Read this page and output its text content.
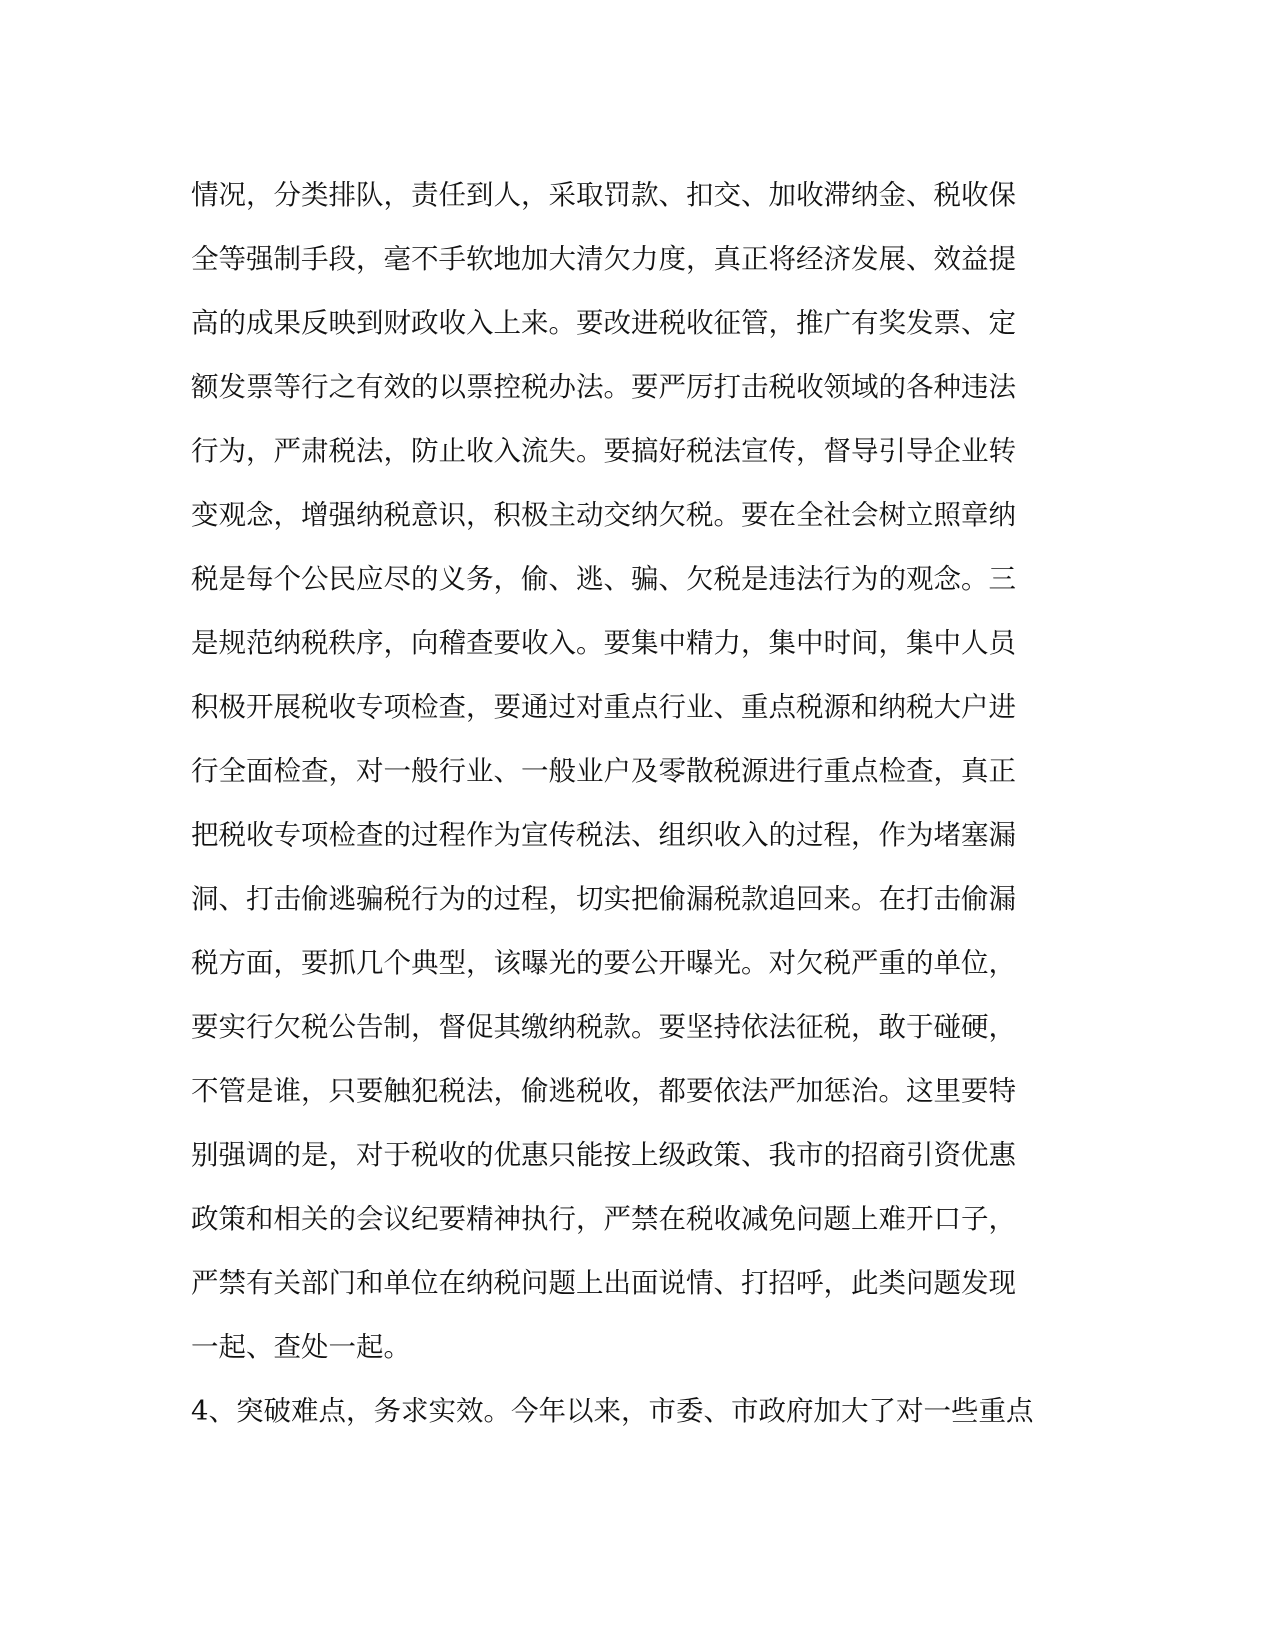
情况，分类排队，责任到人，采取罚款、扣交、加收滞纳金、税收保
全等强制手段，毫不手软地加大清欠力度，真正将经济发展、效益提
高的成果反映到财政收入上来。要改进税收征管，推广有奖发票、定
额发票等行之有效的以票控税办法。要严厉打击税收领域的各种违法
行为，严肃税法，防止收入流失。要搞好税法宣传，督导引导企业转
变观念，增强纳税意识，积极主动交纳欠税。要在全社会树立照章纳
税是每个公民应尽的义务，偷、逃、骗、欠税是违法行为的观念。三
是规范纳税秩序，向稽查要收入。要集中精力，集中时间，集中人员
积极开展税收专项检查，要通过对重点行业、重点税源和纳税大户进
行全面检查，对一般行业、一般业户及零散税源进行重点检查，真正
把税收专项检查的过程作为宣传税法、组织收入的过程，作为堵塞漏
洞、打击偷逃骗税行为的过程，切实把偷漏税款追回来。在打击偷漏
税方面，要抓几个典型，该曝光的要公开曝光。对欠税严重的单位，
要实行欠税公告制，督促其缴纳税款。要坚持依法征税，敢于碰硬，
不管是谁，只要触犯税法，偷逃税收，都要依法严加惩治。这里要特
别强调的是，对于税收的优惠只能按上级政策、我市的招商引资优惠
政策和相关的会议纪要精神执行，严禁在税收减免问题上难开口子，
严禁有关部门和单位在纳税问题上出面说情、打招呼，此类问题发现
一起、查处一起。
4、突破难点，务求实效。今年以来，市委、市政府加大了对一些重点
